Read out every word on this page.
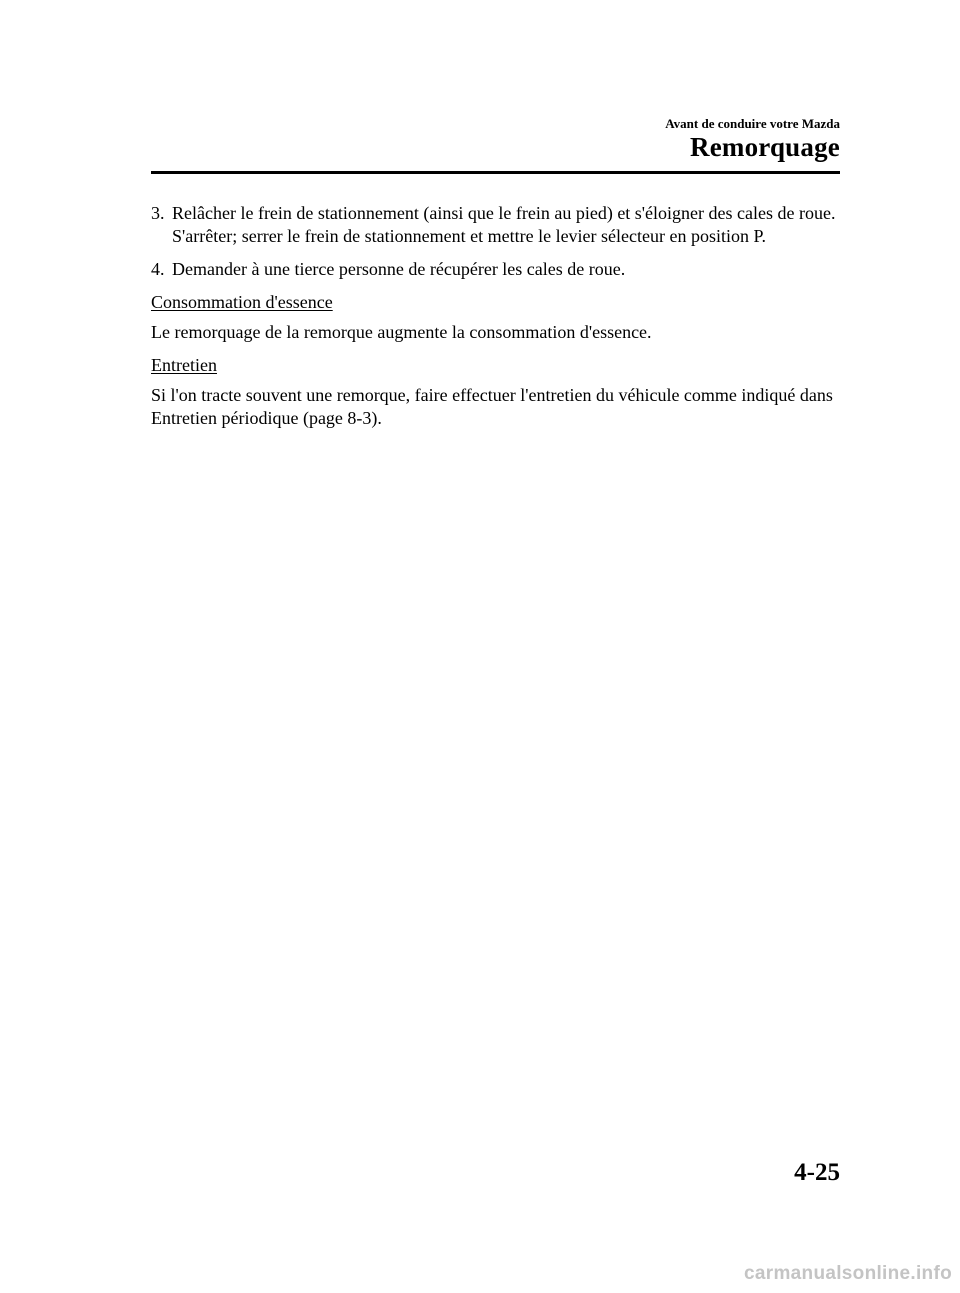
Avant de conduire votre Mazda
Remorquage
3. Relâcher le frein de stationnement (ainsi que le frein au pied) et s'éloigner des cales de roue. S'arrêter; serrer le frein de stationnement et mettre le levier sélecteur en position P.
4. Demander à une tierce personne de récupérer les cales de roue.
Consommation d'essence
Le remorquage de la remorque augmente la consommation d'essence.
Entretien
Si l'on tracte souvent une remorque, faire effectuer l'entretien du véhicule comme indiqué dans Entretien périodique (page 8-3).
4-25
carmanualsonline.info
